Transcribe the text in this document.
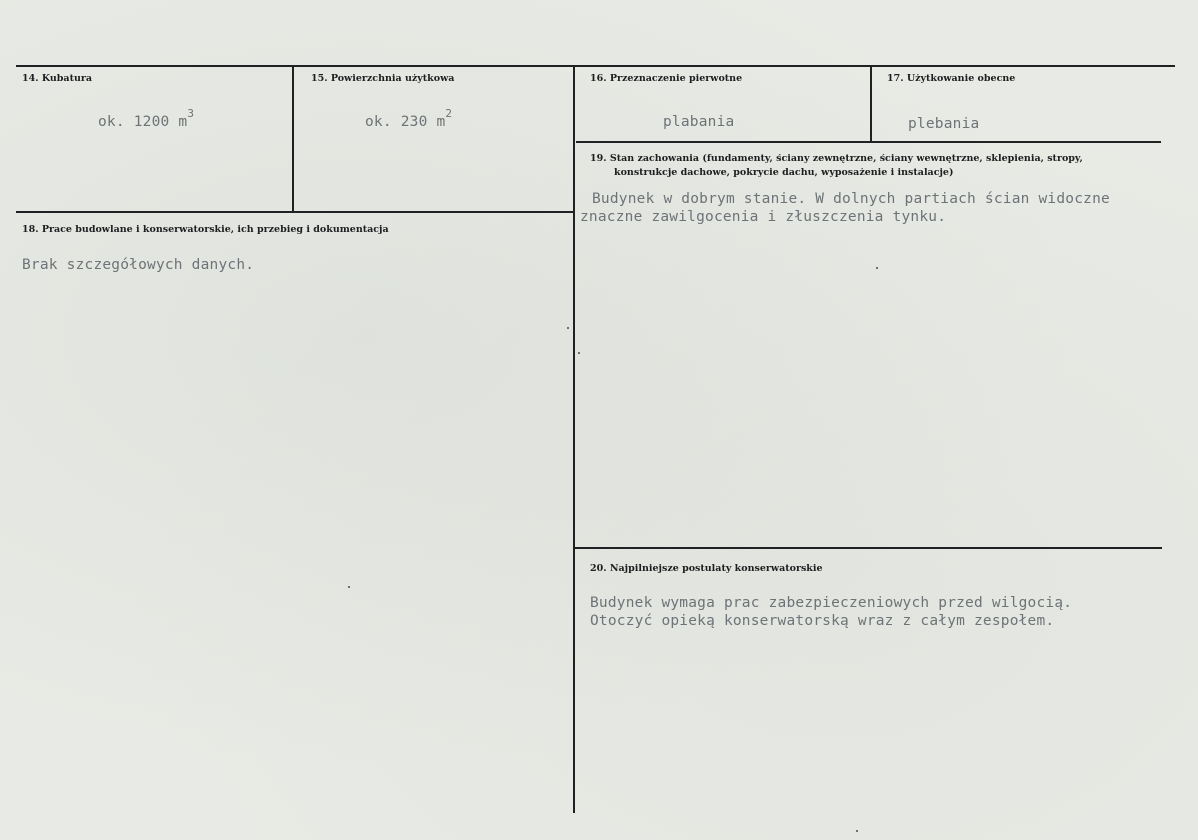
14. Kubatura
ok. 1200 $m^3$
15. Powierzchnia użytkowa
ok. 230 $m^2$
16. Przeznaczenie pierwotne
plabania
17. Użytkowanie obecne
plebania
18. Prace budowlane i konserwatorskie, ich przebieg i dokumentacja
Brak szczegółowych danych.
19. Stan zachowania (fundamenty, ściany zewnętrzne, ściany wewnętrzne, sklepienia, stropy,
konstrukcje dachowe, pokrycie dachu, wyposażenie i instalacje)
Budynek w dobrym stanie. W dolnych partiach ścian widoczne
znaczne zawilgocenia i złuszczenia tynku.
20. Najpilniejsze postulaty konserwatorskie
Budynek wymaga prac zabezpieczeniowych przed wilgocią.
Otoczyć opieką konserwatorską wraz z całym zespołem.
